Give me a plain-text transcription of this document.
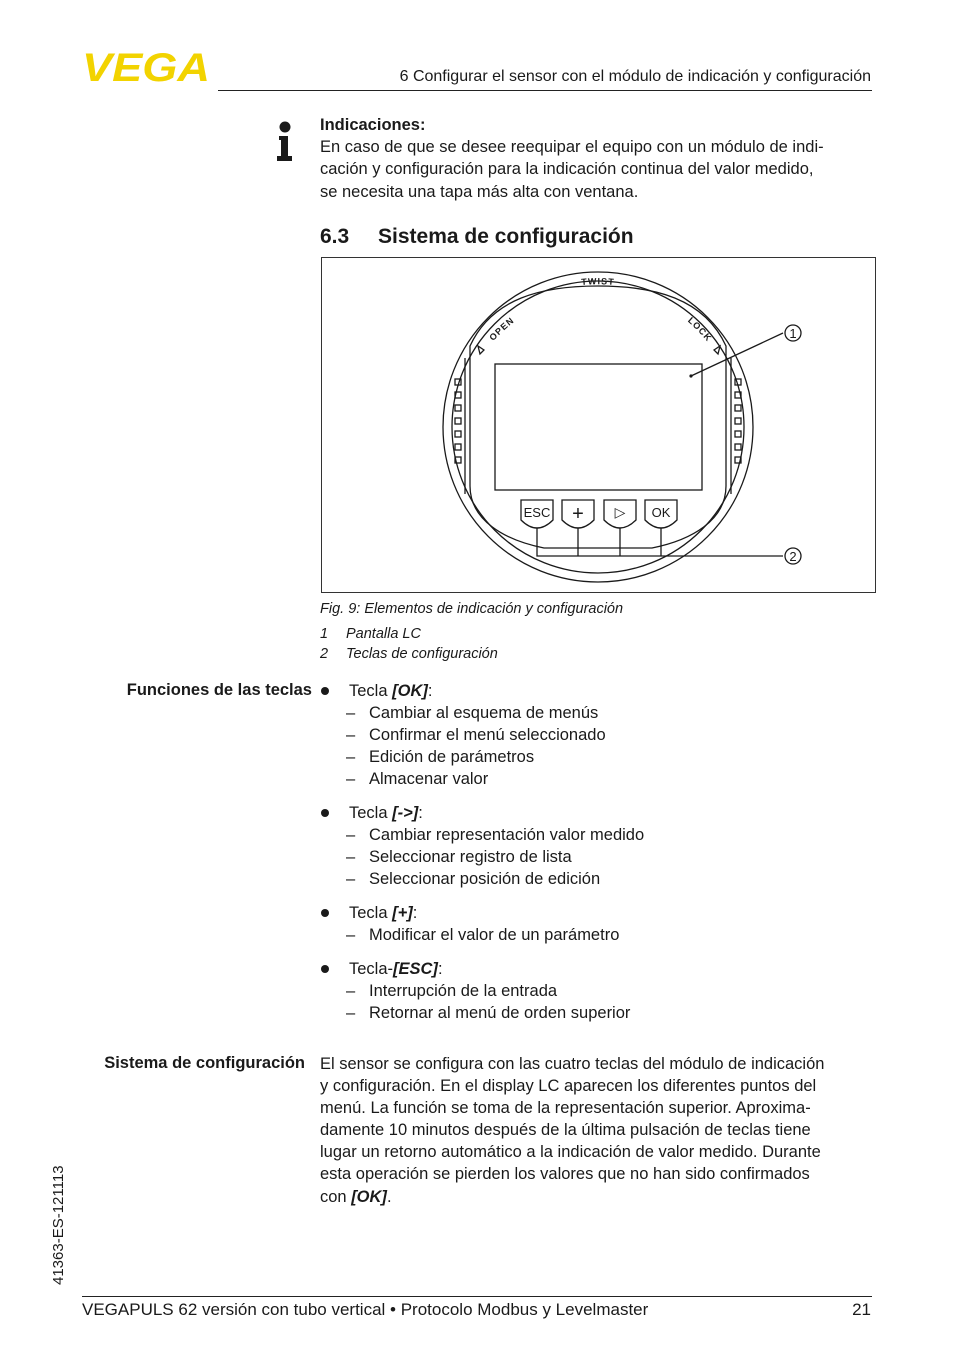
VEGA	6 Configurar el sensor con el módulo de indicación y configuración
Indicaciones:

En caso de que se desee reequipar el equipo con un módulo de indi-

cación y configuración para la indicación continua del valor medido,

se necesita una tapa más alta con ventana.

6.3 Sistema de configuración
TWIST
OPEN	LOCK
ESC + ▷ OK
1
2
Fig. 9: Elementos de indicación y configuración
1 Pantalla LC
2 Teclas de configuración
Funciones de las teclas	Tecla [OK]:
– Cambiar al esquema de menús
– Confirmar el menú seleccionado
– Edición de parámetros
– Almacenar valor
Tecla [->]:
– Cambiar representación valor medido
– Seleccionar registro de lista
– Seleccionar posición de edición
Tecla [+]:
– Modificar el valor de un parámetro
Tecla-[ESC]:
– Interrupción de la entrada
– Retornar al menú de orden superior
Sistema de configuración El sensor se configura con las cuatro teclas del módulo de indicación

y configuración. En el display LC aparecen los diferentes puntos del

menú. La función se toma de la representación superior. Aproxima-

damente 10 minutos después de la última pulsación de teclas tiene

lugar un retorno automático a la indicación de valor medido. Durante

esta operación se pierden los valores que no han sido confirmados

con [OK].

41363-ES-121113
VEGAPULS 62 versión con tubo vertical • Protocolo Modbus y Levelmaster	21
